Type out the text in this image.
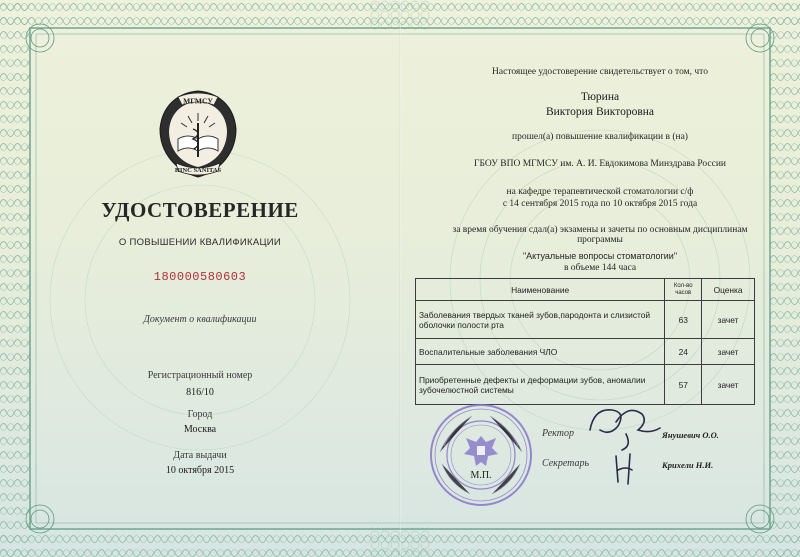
МГМСУ
HINC SANITAS
УДОСТОВЕРЕНИЕ
О ПОВЫШЕНИИ КВАЛИФИКАЦИИ
180000580603
Документ о квалификации
Регистрационный номер
816/10
Город
Москва
Дата выдачи
10 октября 2015
Настоящее удостоверение свидетельствует о том, что
Тюрина
Виктория Викторовна
прошел(а) повышение квалификации в (на)
ГБОУ ВПО МГМСУ им. А. И. Евдокимова Минздрава России
на кафедре терапевтической стоматологии с/ф
с 14 сентября 2015 года по 10 октября 2015 года
за время обучения сдал(а) экзамены и зачеты по основным дисциплинам
программы
"Актуальные вопросы стоматологии"
в объеме 144 часа
Наименование	Кол-во часов	Оценка
Заболевания твердых тканей зубов,пародонта и слизистой оболочки полости рта	63	зачет
Воспалительные заболевания ЧЛО	24	зачет
Приобретенные дефекты и деформации зубов, аномалии зубочелюстной системы	57	зачет
М.П.
Ректор	Янушевич О.О.
Секретарь	Крихели Н.И.
